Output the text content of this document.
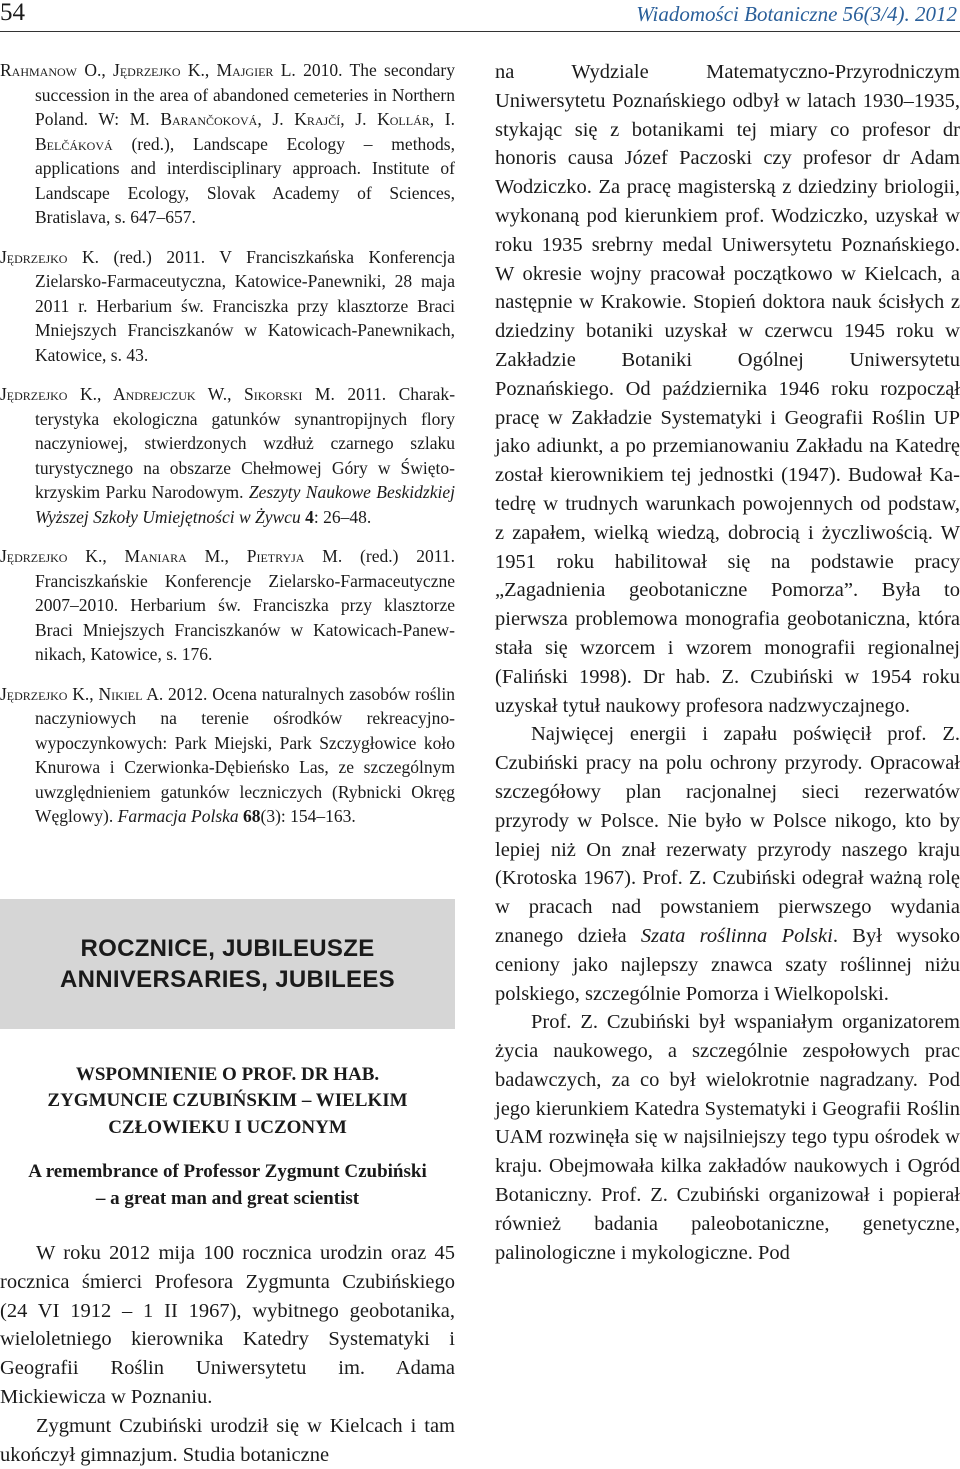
54	Wiadomości Botaniczne 56(3/4). 2012
Rahmanow O., Jędrzejko K., Majgier L. 2010. The secondary succession in the area of abandoned cemeteries in Northern Poland. W: M. Barančoková, J. Krajčí, J. Kollár, I. Belčáková (red.), Landscape Ecology – methods, applications and interdisciplinary approach. Institute of Landscape Ecology, Slovak Academy of Sciences, Bratislava, s. 647–657.
Jędrzejko K. (red.) 2011. V Franciszkańska Konferencja Zielarsko-Farmaceutyczna, Katowice-Panewniki, 28 maja 2011 r. Herbarium św. Franciszka przy klasztorze Braci Mniejszych Franciszkanów w Katowicach-Panewnikach, Katowice, s. 43.
Jędrzejko K., Andrejczuk W., Sikorski M. 2011. Charakterystyka ekologiczna gatunków synantropijnych flory naczyniowej, stwierdzonych wzdłuż czarnego szlaku turystycznego na obszarze Chełmowej Góry w Świętokrzyskim Parku Narodowym. Zeszyty Naukowe Beskidzkiej Wyższej Szkoły Umiejętności w Żywcu 4: 26–48.
Jędrzejko K., Maniara M., Pietryja M. (red.) 2011. Franciszkańskie Konferencje Zielarsko-Farmaceutyczne 2007–2010. Herbarium św. Franciszka przy klasztorze Braci Mniejszych Franciszkanów w Katowicach-Panewnikach, Katowice, s. 176.
Jędrzejko K., Nikiel A. 2012. Ocena naturalnych zasobów roślin naczyniowych na terenie ośrodków rekreacyjno-wypoczynkowych: Park Miejski, Park Szczygłowice koło Knurowa i Czerwionka-Dębieńsko Las, ze szczególnym uwzględnieniem gatunków leczniczych (Rybnicki Okręg Węglowy). Farmacja Polska 68(3): 154–163.
ROCZNICE, JUBILEUSZE
ANNIVERSARIES, JUBILEES
WSPOMNIENIE O PROF. DR HAB.
ZYGMUNCIE CZUBIŃSKIM – WIELKIM
CZŁOWIEKU I UCZONYM
A remembrance of Professor Zygmunt Czubiński
– a great man and great scientist

W roku 2012 mija 100 rocznica urodzin oraz 45 rocznica śmierci Profesora Zygmunta Czubińskiego (24 VI 1912 – 1 II 1967), wybitnego geobotanika, wieloletniego kierownika Katedry Systematyki i Geografii Roślin Uniwersytetu im. Adama Mickiewicza w Poznaniu.

Zygmunt Czubiński urodził się w Kielcach i tam ukończył gimnazjum. Studia botaniczne

na Wydziale Matematyczno-Przyrodniczym Uniwersytetu Poznańskiego odbył w latach 1930–1935, stykając się z botanikami tej miary co profesor dr honoris causa Józef Paczoski czy profesor dr Adam Wodziczko. Za pracę magisterską z dziedziny briologii, wykonaną pod kierunkiem prof. Wodziczko, uzyskał w roku 1935 srebrny medal Uniwersytetu Poznańskiego. W okresie wojny pracował początkowo w Kielcach, a następnie w Krakowie. Stopień doktora nauk ścisłych z dziedziny botaniki uzyskał w czerwcu 1945 roku w Zakładzie Botaniki Ogólnej Uniwersytetu Poznańskiego. Od października 1946 roku rozpoczął pracę w Zakładzie Systematyki i Geografii Roślin UP jako adiunkt, a po przemianowaniu Zakładu na Katedrę został kierownikiem tej jednostki (1947). Budował Katedrę w trudnych warunkach powojennych od podstaw, z zapałem, wielką wiedzą, dobrocią i życzliwością. W 1951 roku habilitował się na podstawie pracy „Zagadnienia geobotaniczne Pomorza”. Była to pierwsza problemowa monografia geobotaniczna, która stała się wzorcem i wzorem monografii regionalnej (Faliński 1998). Dr hab. Z. Czubiński w 1954 roku uzyskał tytuł naukowy profesora nadzwyczajnego.

Najwięcej energii i zapału poświęcił prof. Z. Czubiński pracy na polu ochrony przyrody. Opracował szczegółowy plan racjonalnej sieci rezerwatów przyrody w Polsce. Nie było w Polsce nikogo, kto by lepiej niż On znał rezerwaty przyrody naszego kraju (Krotoska 1967). Prof. Z. Czubiński odegrał ważną rolę w pracach nad powstaniem pierwszego wydania znanego dzieła Szata roślinna Polski. Był wysoko ceniony jako najlepszy znawca szaty roślinnej niżu polskiego, szczególnie Pomorza i Wielkopolski.

Prof. Z. Czubiński był wspaniałym organizatorem życia naukowego, a szczególnie zespołowych prac badawczych, za co był wielokrotnie nagradzany. Pod jego kierunkiem Katedra Systematyki i Geografii Roślin UAM rozwinęła się w najsilniejszy tego typu ośrodek w kraju. Obejmowała kilka zakładów naukowych i Ogród Botaniczny. Prof. Z. Czubiński organizował i popierał również badania paleobotaniczne, genetyczne, palinologiczne i mykologiczne. Pod
